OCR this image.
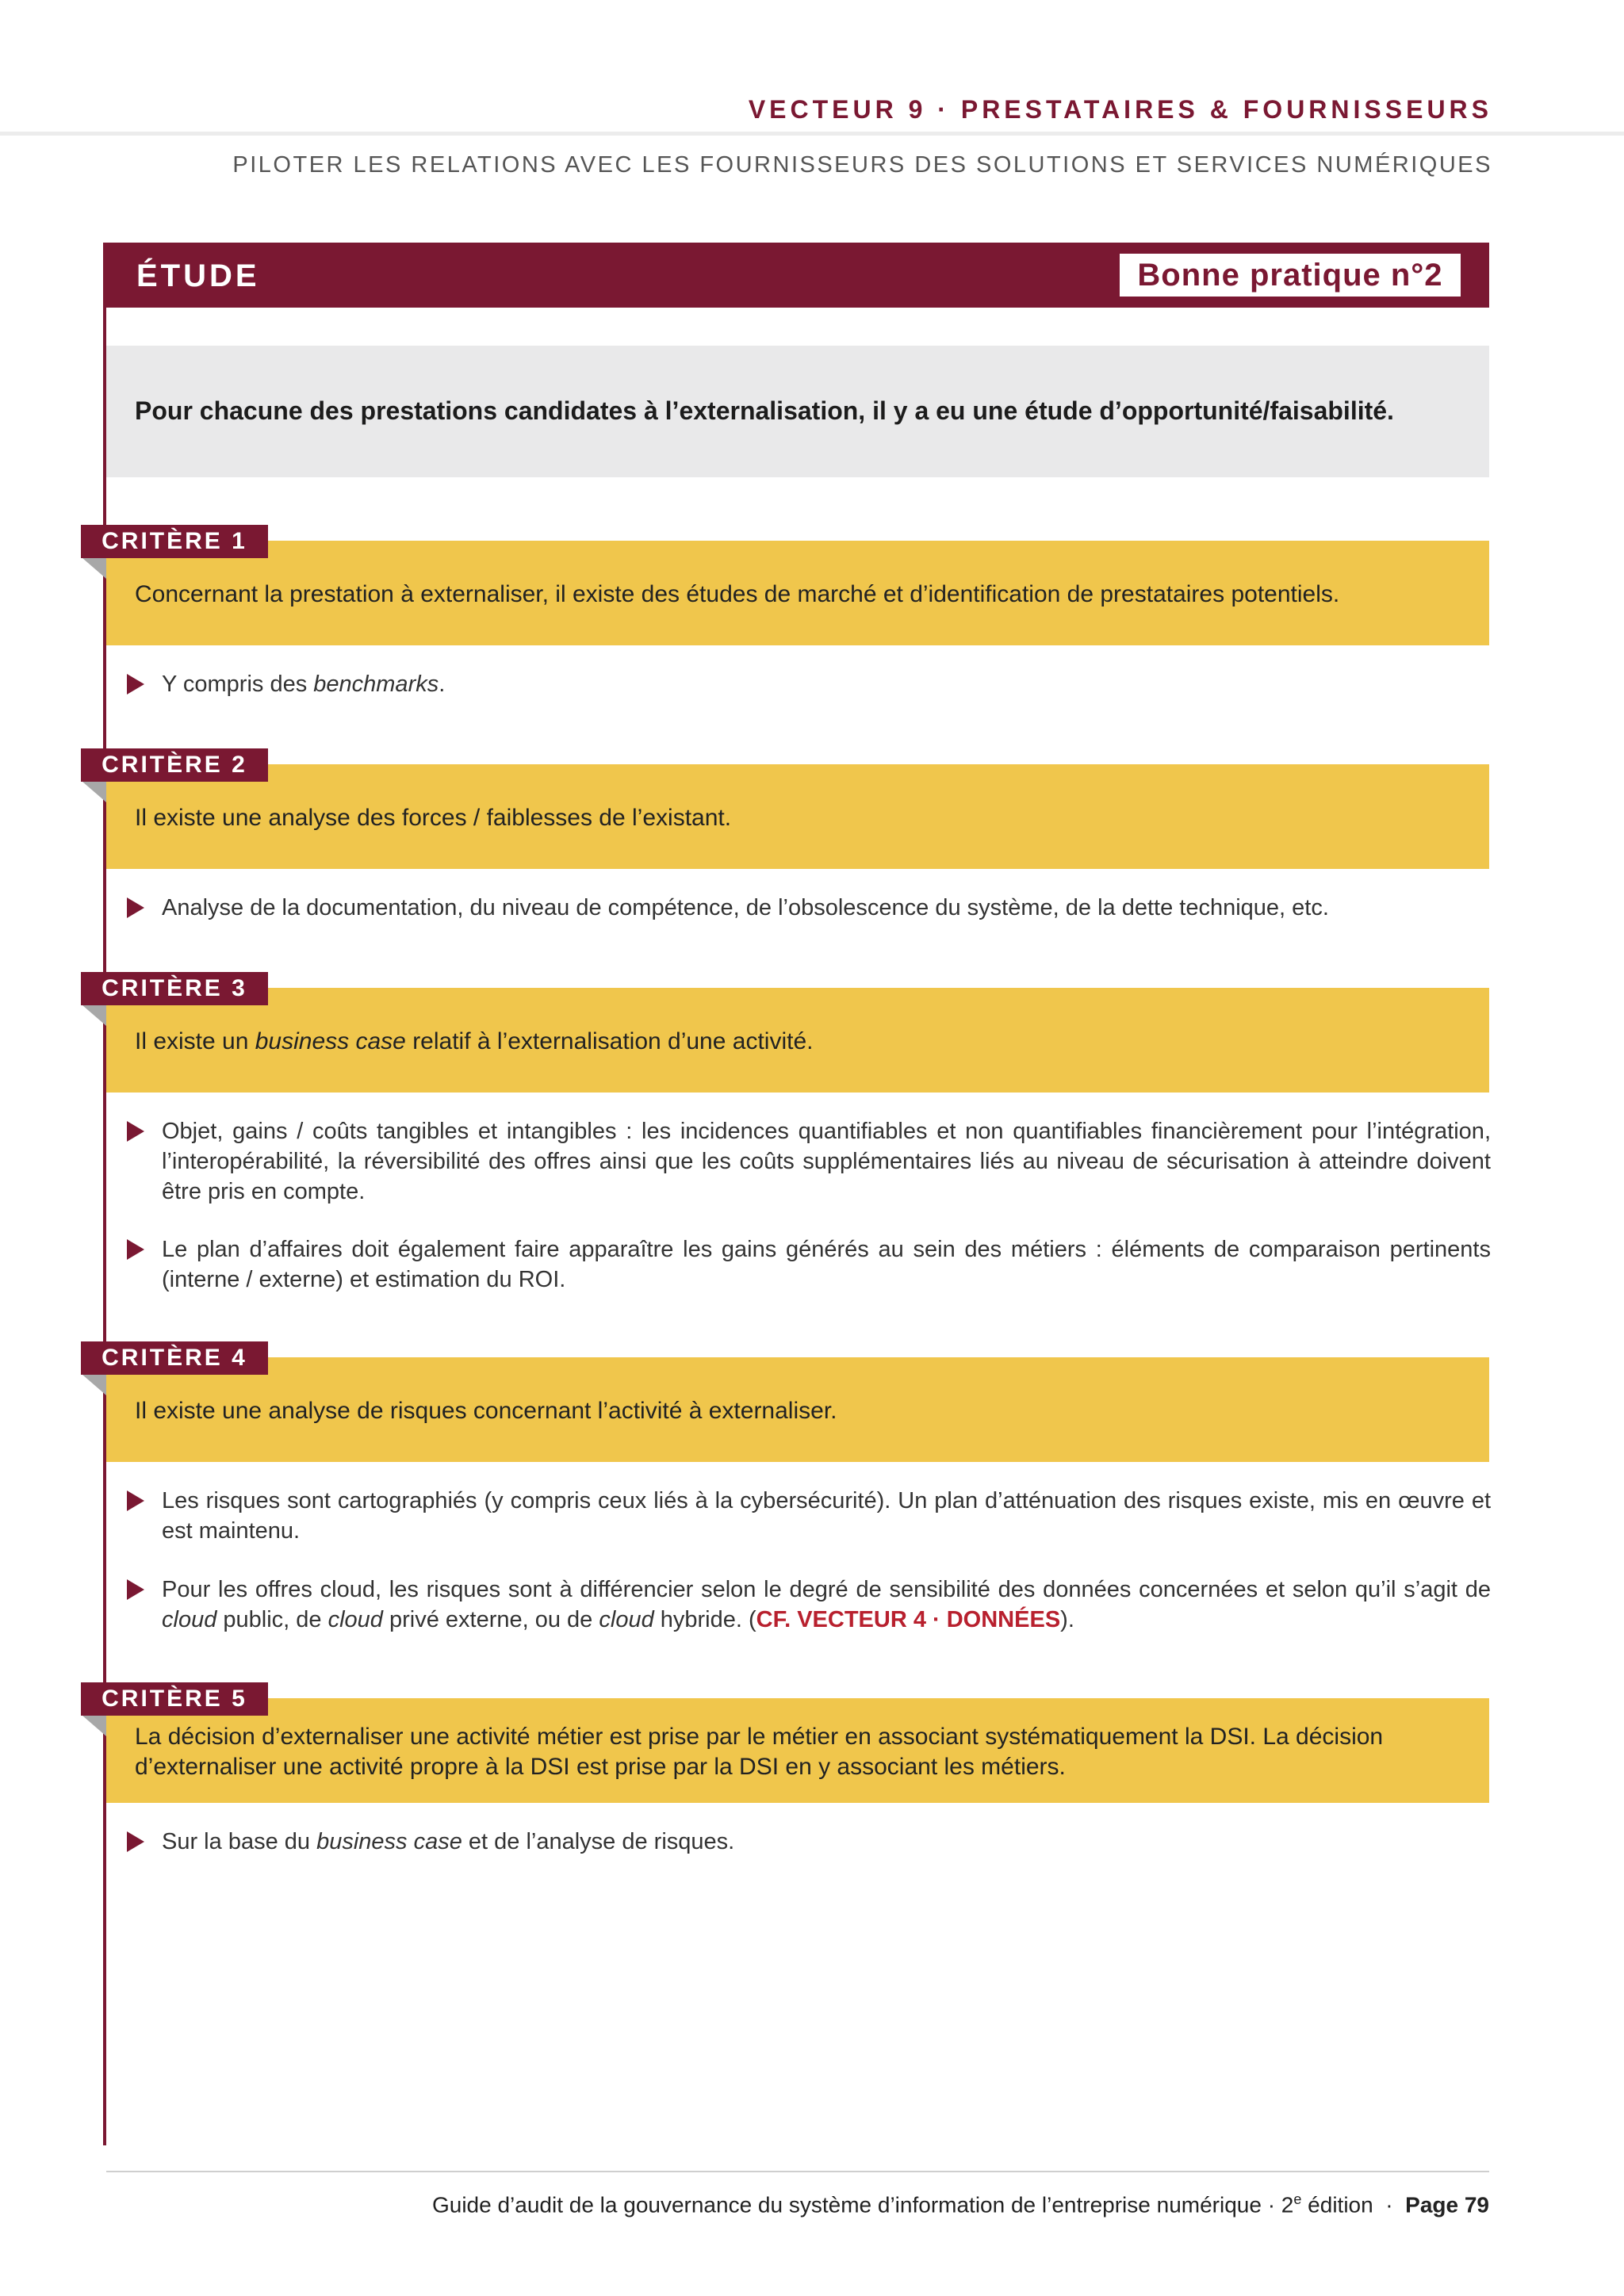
VECTEUR 9 · PRESTATAIRES & FOURNISSEURS
PILOTER LES RELATIONS AVEC LES FOURNISSEURS DES SOLUTIONS ET SERVICES NUMÉRIQUES
ÉTUDE	Bonne pratique n°2
Pour chacune des prestations candidates à l’externalisation, il y a eu une étude d’opportunité/faisabilité.
CRITÈRE 1
Concernant la prestation à externaliser, il existe des études de marché et d’identification de prestataires potentiels.
Y compris des benchmarks.
CRITÈRE 2
Il existe une analyse des forces / faiblesses de l’existant.
Analyse de la documentation, du niveau de compétence, de l’obsolescence du système, de la dette technique, etc.
CRITÈRE 3
Il existe un business case relatif à l’externalisation d’une activité.
Objet, gains / coûts tangibles et intangibles : les incidences quantifiables et non quantifiables financièrement pour l’intégration, l’interopérabilité, la réversibilité des offres ainsi que les coûts supplémentaires liés au niveau de sécurisation à atteindre doivent être pris en compte.
Le plan d’affaires doit également faire apparaître les gains générés au sein des métiers : éléments de comparaison pertinents (interne / externe) et estimation du ROI.
CRITÈRE 4
Il existe une analyse de risques concernant l’activité à externaliser.
Les risques sont cartographiés (y compris ceux liés à la cybersécurité). Un plan d’atténuation des risques existe, mis en œuvre et est maintenu.
Pour les offres cloud, les risques sont à différencier selon le degré de sensibilité des données concernées et selon qu’il s’agit de cloud public, de cloud privé externe, ou de cloud hybride. (CF. VECTEUR 4 · DONNÉES).
CRITÈRE 5
La décision d’externaliser une activité métier est prise par le métier en associant systématiquement la DSI. La décision d’externaliser une activité propre à la DSI est prise par la DSI en y associant les métiers.
Sur la base du business case et de l’analyse de risques.
Guide d’audit de la gouvernance du système d’information de l’entreprise numérique · $2^e$ édition  ·  Page 79
